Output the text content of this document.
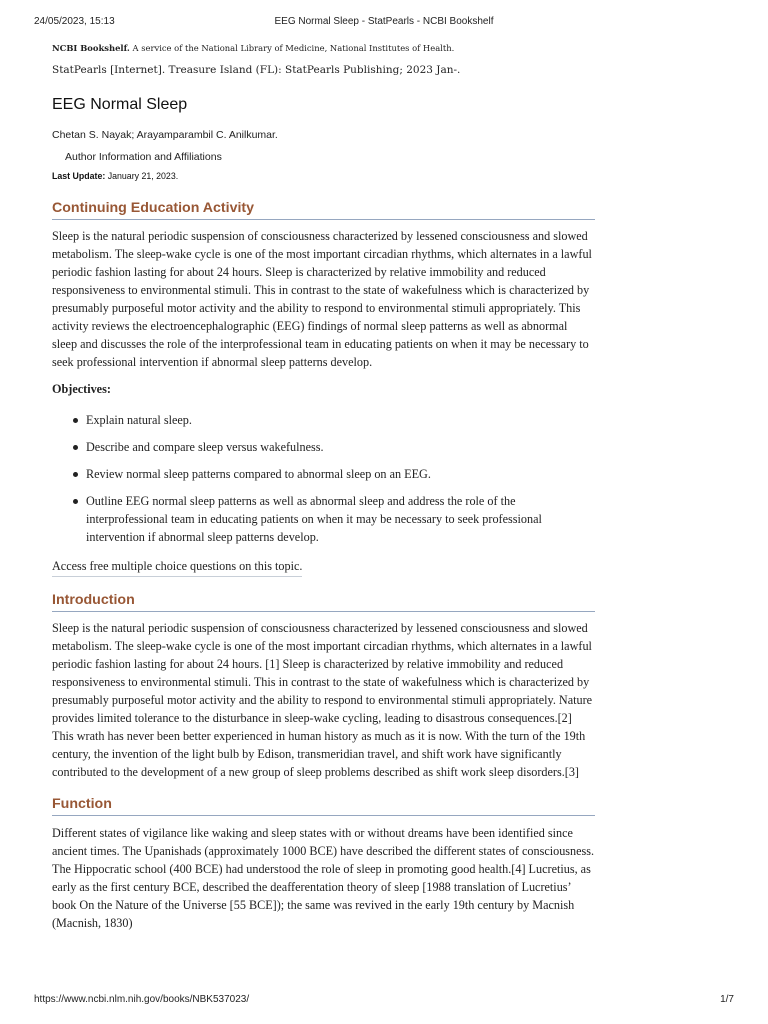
24/05/2023, 15:13	EEG Normal Sleep - StatPearls - NCBI Bookshelf
NCBI Bookshelf. A service of the National Library of Medicine, National Institutes of Health.
StatPearls [Internet]. Treasure Island (FL): StatPearls Publishing; 2023 Jan-.
EEG Normal Sleep
Chetan S. Nayak; Arayamparambil C. Anilkumar.
Author Information and Affiliations
Last Update: January 21, 2023.
Continuing Education Activity

Sleep is the natural periodic suspension of consciousness characterized by lessened consciousness and slowed metabolism. The sleep-wake cycle is one of the most important circadian rhythms, which alternates in a lawful periodic fashion lasting for about 24 hours. Sleep is characterized by relative immobility and reduced responsiveness to environmental stimuli. This in contrast to the state of wakefulness which is characterized by presumably purposeful motor activity and the ability to respond to environmental stimuli appropriately. This activity reviews the electroencephalographic (EEG) findings of normal sleep patterns as well as abnormal sleep and discusses the role of the interprofessional team in educating patients on when it may be necessary to seek professional intervention if abnormal sleep patterns develop.

Objectives:

Explain natural sleep.
Describe and compare sleep versus wakefulness.
Review normal sleep patterns compared to abnormal sleep on an EEG.
Outline EEG normal sleep patterns as well as abnormal sleep and address the role of the interprofessional team in educating patients on when it may be necessary to seek professional intervention if abnormal sleep patterns develop.
Access free multiple choice questions on this topic.
Introduction

Sleep is the natural periodic suspension of consciousness characterized by lessened consciousness and slowed metabolism. The sleep-wake cycle is one of the most important circadian rhythms, which alternates in a lawful periodic fashion lasting for about 24 hours. [1] Sleep is characterized by relative immobility and reduced responsiveness to environmental stimuli. This in contrast to the state of wakefulness which is characterized by presumably purposeful motor activity and the ability to respond to environmental stimuli appropriately. Nature provides limited tolerance to the disturbance in sleep-wake cycling, leading to disastrous consequences.[2] This wrath has never been better experienced in human history as much as it is now. With the turn of the 19th century, the invention of the light bulb by Edison, transmeridian travel, and shift work have significantly contributed to the development of a new group of sleep problems described as shift work sleep disorders.[3]

Function

Different states of vigilance like waking and sleep states with or without dreams have been identified since ancient times. The Upanishads (approximately 1000 BCE) have described the different states of consciousness. The Hippocratic school (400 BCE) had understood the role of sleep in promoting good health.[4] Lucretius, as early as the first century BCE, described the deafferentation theory of sleep [1988 translation of Lucretius’ book On the Nature of the Universe [55 BCE]); the same was revived in the early 19th century by Macnish (Macnish, 1830)

https://www.ncbi.nlm.nih.gov/books/NBK537023/	1/7
